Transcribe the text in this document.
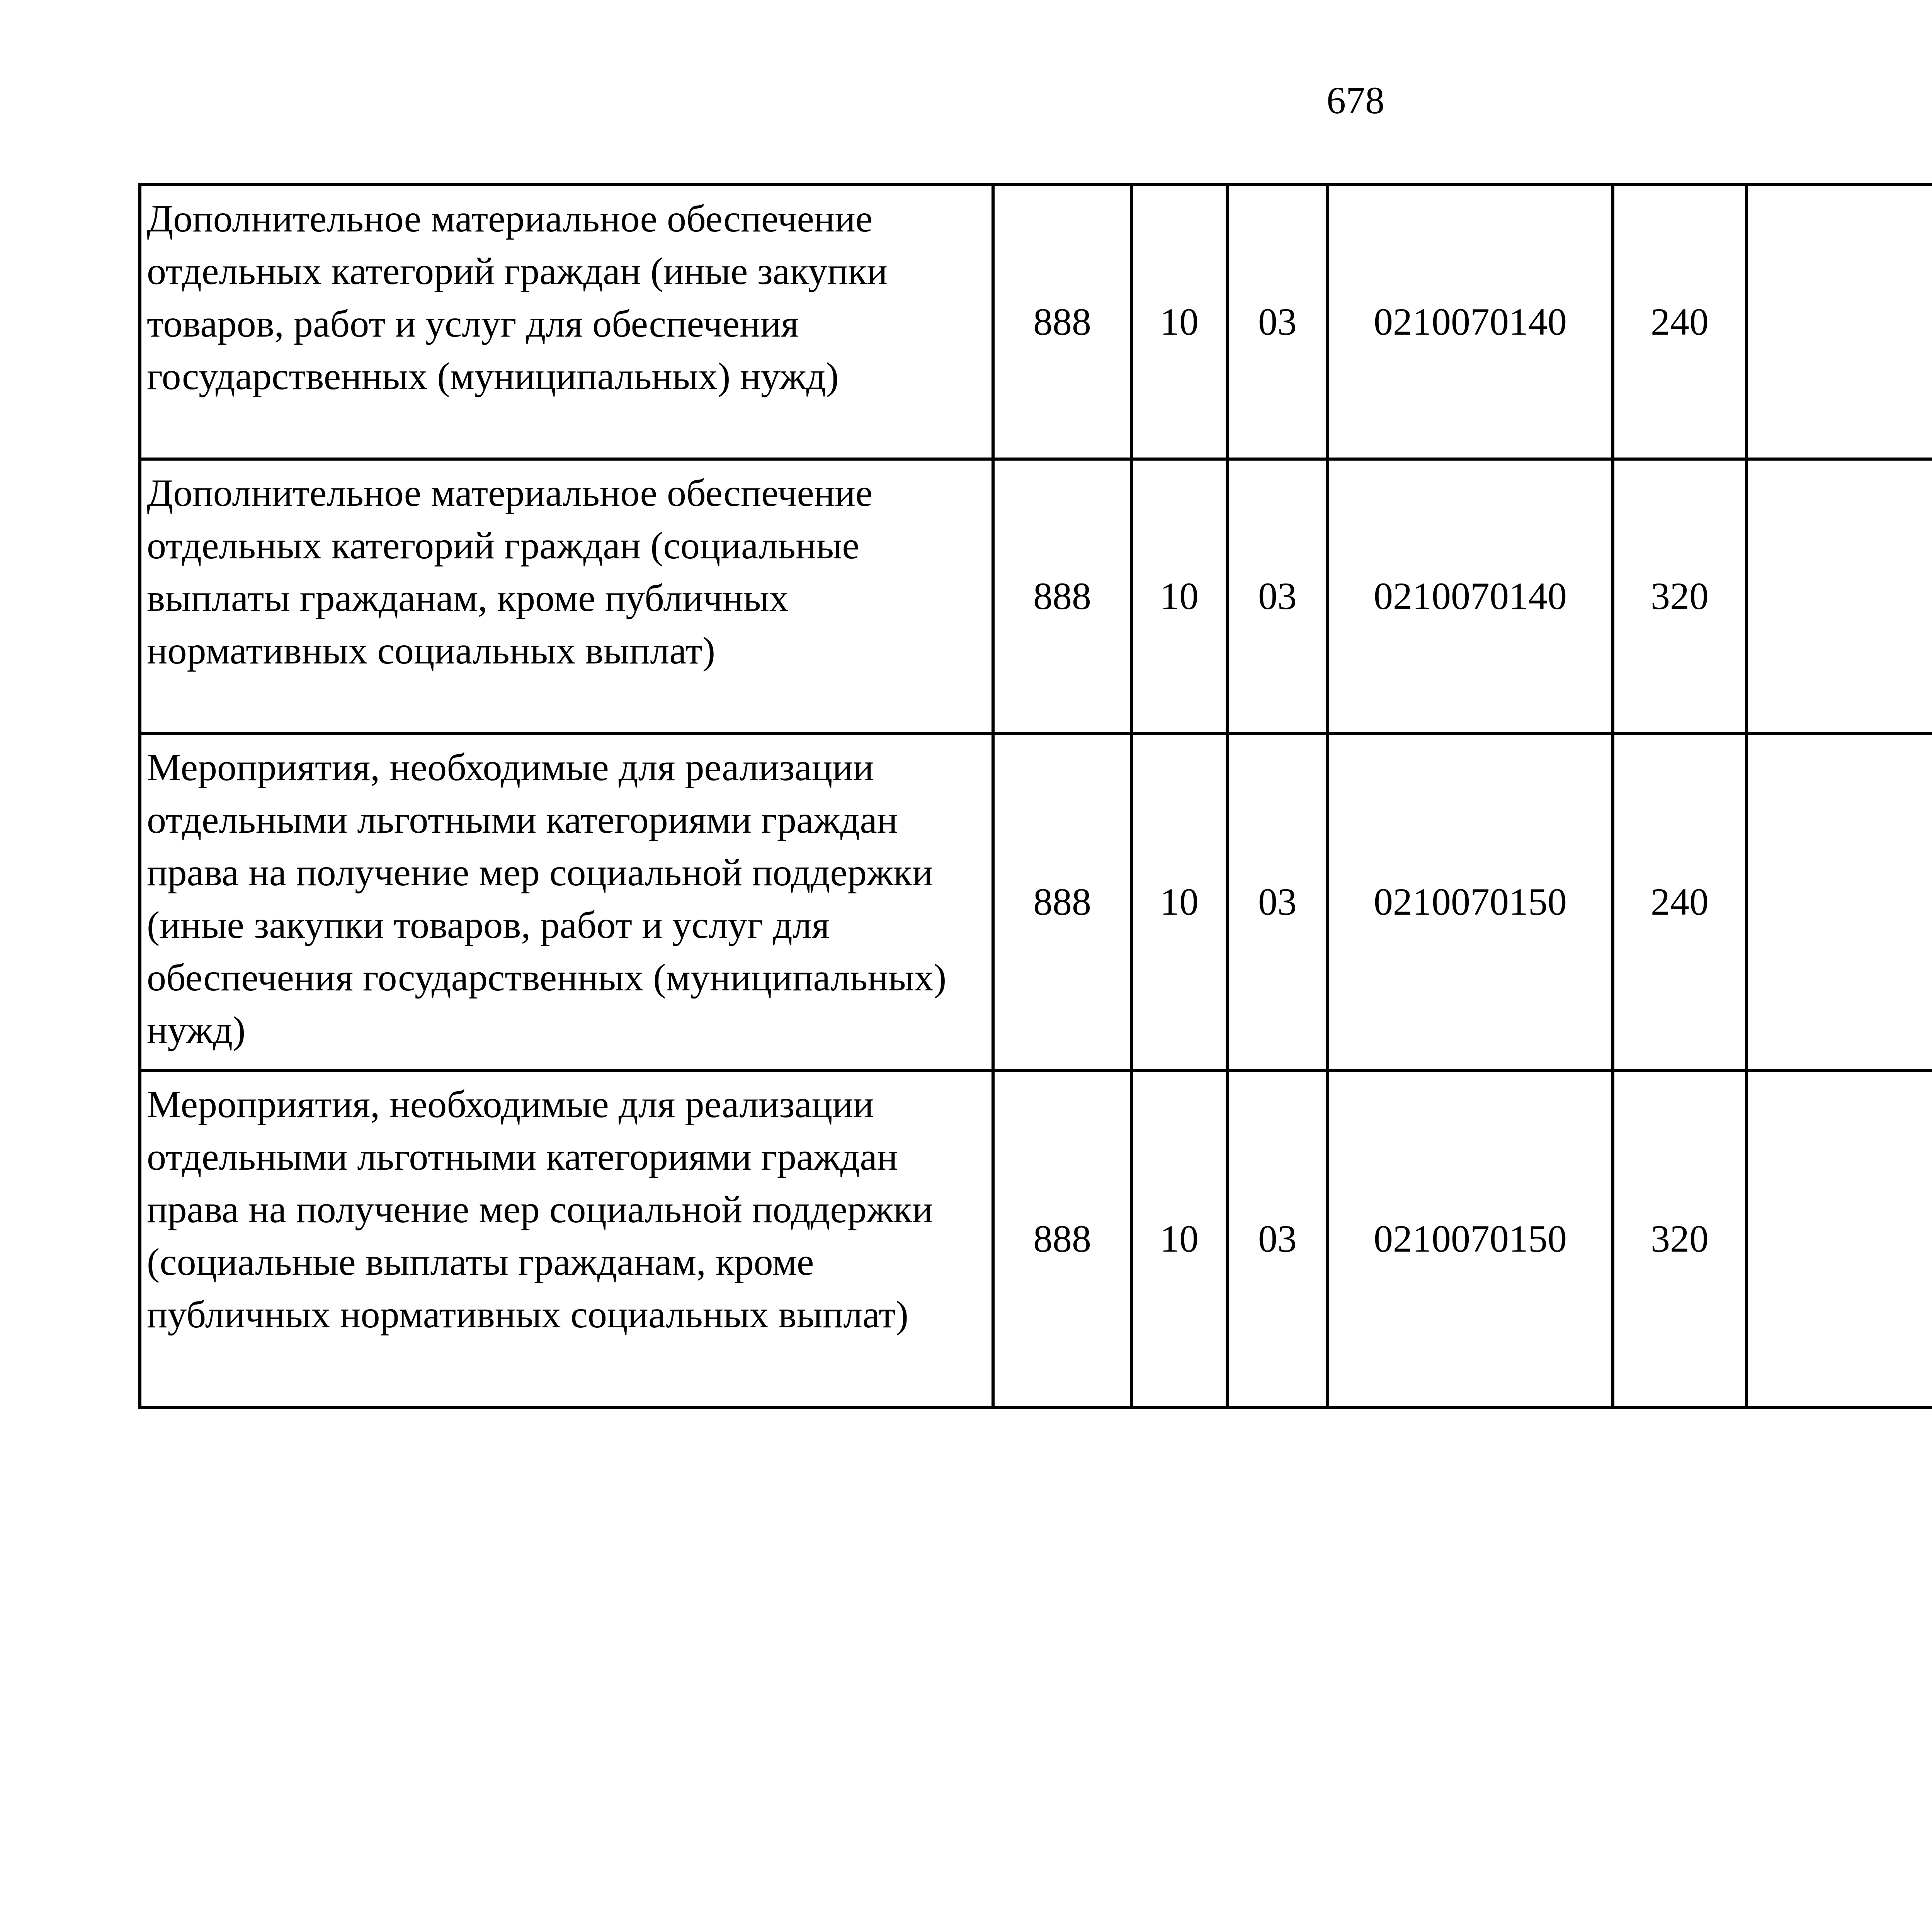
678
Дополнительное материальное обеспечение отдельных категорий граждан (иные закупки товаров, работ и услуг для обеспечения государственных (муниципальных) нужд)	888	10	03	0210070140	240			
Дополнительное материальное обеспечение отдельных категорий граждан (социальные выплаты гражданам, кроме публичных нормативных социальных выплат)	888	10	03	0210070140	320			
Мероприятия, необходимые для реализации отдельными льготными категориями граждан права на получение мер социальной поддержки (иные закупки товаров, работ и услуг для обеспечения государственных (муниципальных) нужд)	888	10	03	0210070150	240			
Мероприятия, необходимые для реализации отдельными льготными категориями граждан права на получение мер социальной поддержки (социальные выплаты гражданам, кроме публичных нормативных социальных выплат)	888	10	03	0210070150	320			
